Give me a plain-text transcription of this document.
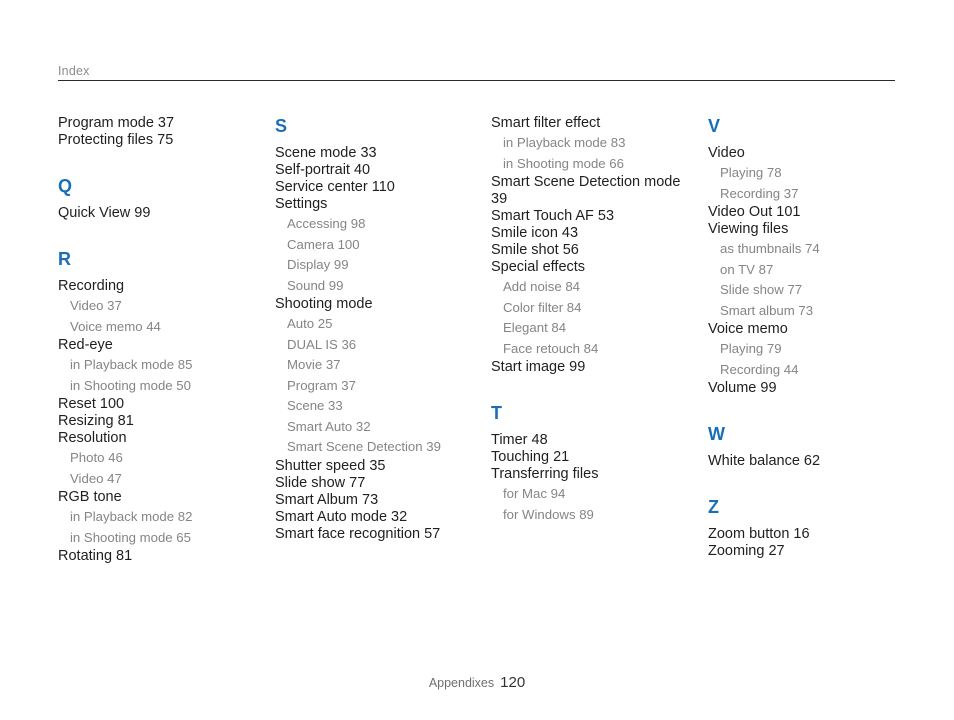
Index
Program mode 37
Protecting files 75
Q
Quick View 99
R
Recording
Video 37
Voice memo 44
Red-eye
in Playback mode 85
in Shooting mode 50
Reset 100
Resizing 81
Resolution
Photo 46
Video 47
RGB tone
in Playback mode 82
in Shooting mode 65
Rotating 81
S
Scene mode 33
Self-portrait 40
Service center 110
Settings
Accessing 98
Camera 100
Display 99
Sound 99
Shooting mode
Auto 25
DUAL IS 36
Movie 37
Program 37
Scene 33
Smart Auto 32
Smart Scene Detection 39
Shutter speed 35
Slide show 77
Smart Album 73
Smart Auto mode 32
Smart face recognition 57
Smart filter effect
in Playback mode 83
in Shooting mode 66
Smart Scene Detection mode 39
Smart Touch AF 53
Smile icon 43
Smile shot 56
Special effects
Add noise 84
Color filter 84
Elegant 84
Face retouch 84
Start image 99
T
Timer 48
Touching 21
Transferring files
for Mac 94
for Windows 89
V
Video
Playing 78
Recording 37
Video Out 101
Viewing files
as thumbnails 74
on TV 87
Slide show 77
Smart album 73
Voice memo
Playing 79
Recording 44
Volume 99
W
White balance 62
Z
Zoom button 16
Zooming 27
Appendixes 120
